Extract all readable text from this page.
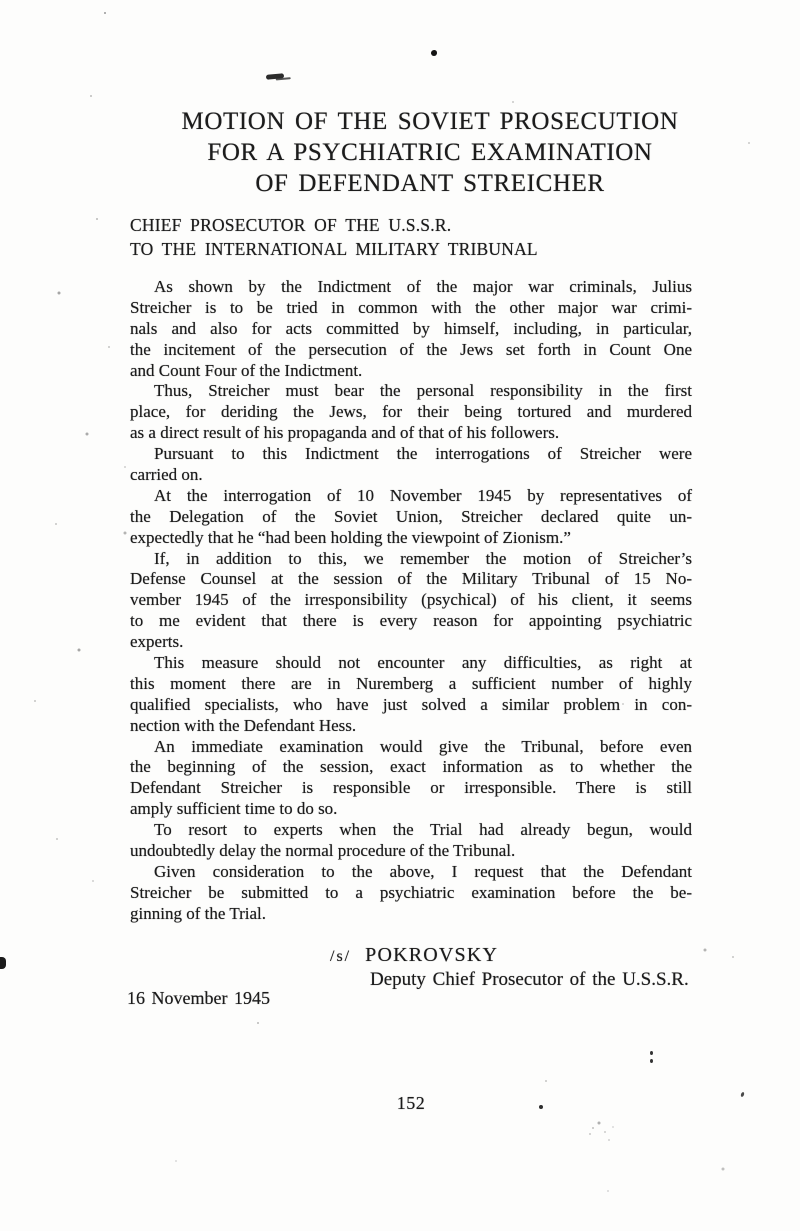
MOTION OF THE SOVIET PROSECUTION
FOR A PSYCHIATRIC EXAMINATION
OF DEFENDANT STREICHER
CHIEF PROSECUTOR OF THE U.S.S.R.
TO THE INTERNATIONAL MILITARY TRIBUNAL
As shown by the Indictment of the major war criminals, Julius
Streicher is to be tried in common with the other major war crimi-
nals and also for acts committed by himself, including, in particular,
the incitement of the persecution of the Jews set forth in Count One
and Count Four of the Indictment.
Thus, Streicher must bear the personal responsibility in the first
place, for deriding the Jews, for their being tortured and murdered
as a direct result of his propaganda and of that of his followers.
Pursuant to this Indictment the interrogations of Streicher were
carried on.
At the interrogation of 10 November 1945 by representatives of
the Delegation of the Soviet Union, Streicher declared quite un-
expectedly that he “had been holding the viewpoint of Zionism.”
If, in addition to this, we remember the motion of Streicher’s
Defense Counsel at the session of the Military Tribunal of 15 No-
vember 1945 of the irresponsibility (psychical) of his client, it seems
to me evident that there is every reason for appointing psychiatric
experts.
This measure should not encounter any difficulties, as right at
this moment there are in Nuremberg a sufficient number of highly
qualified specialists, who have just solved a similar problem in con-
nection with the Defendant Hess.
An immediate examination would give the Tribunal, before even
the beginning of the session, exact information as to whether the
Defendant Streicher is responsible or irresponsible. There is still
amply sufficient time to do so.
To resort to experts when the Trial had already begun, would
undoubtedly delay the normal procedure of the Tribunal.
Given consideration to the above, I request that the Defendant
Streicher be submitted to a psychiatric examination before the be-
ginning of the Trial.
/s/ POKROVSKY
Deputy Chief Prosecutor of the U.S.S.R.
16 November 1945
152
